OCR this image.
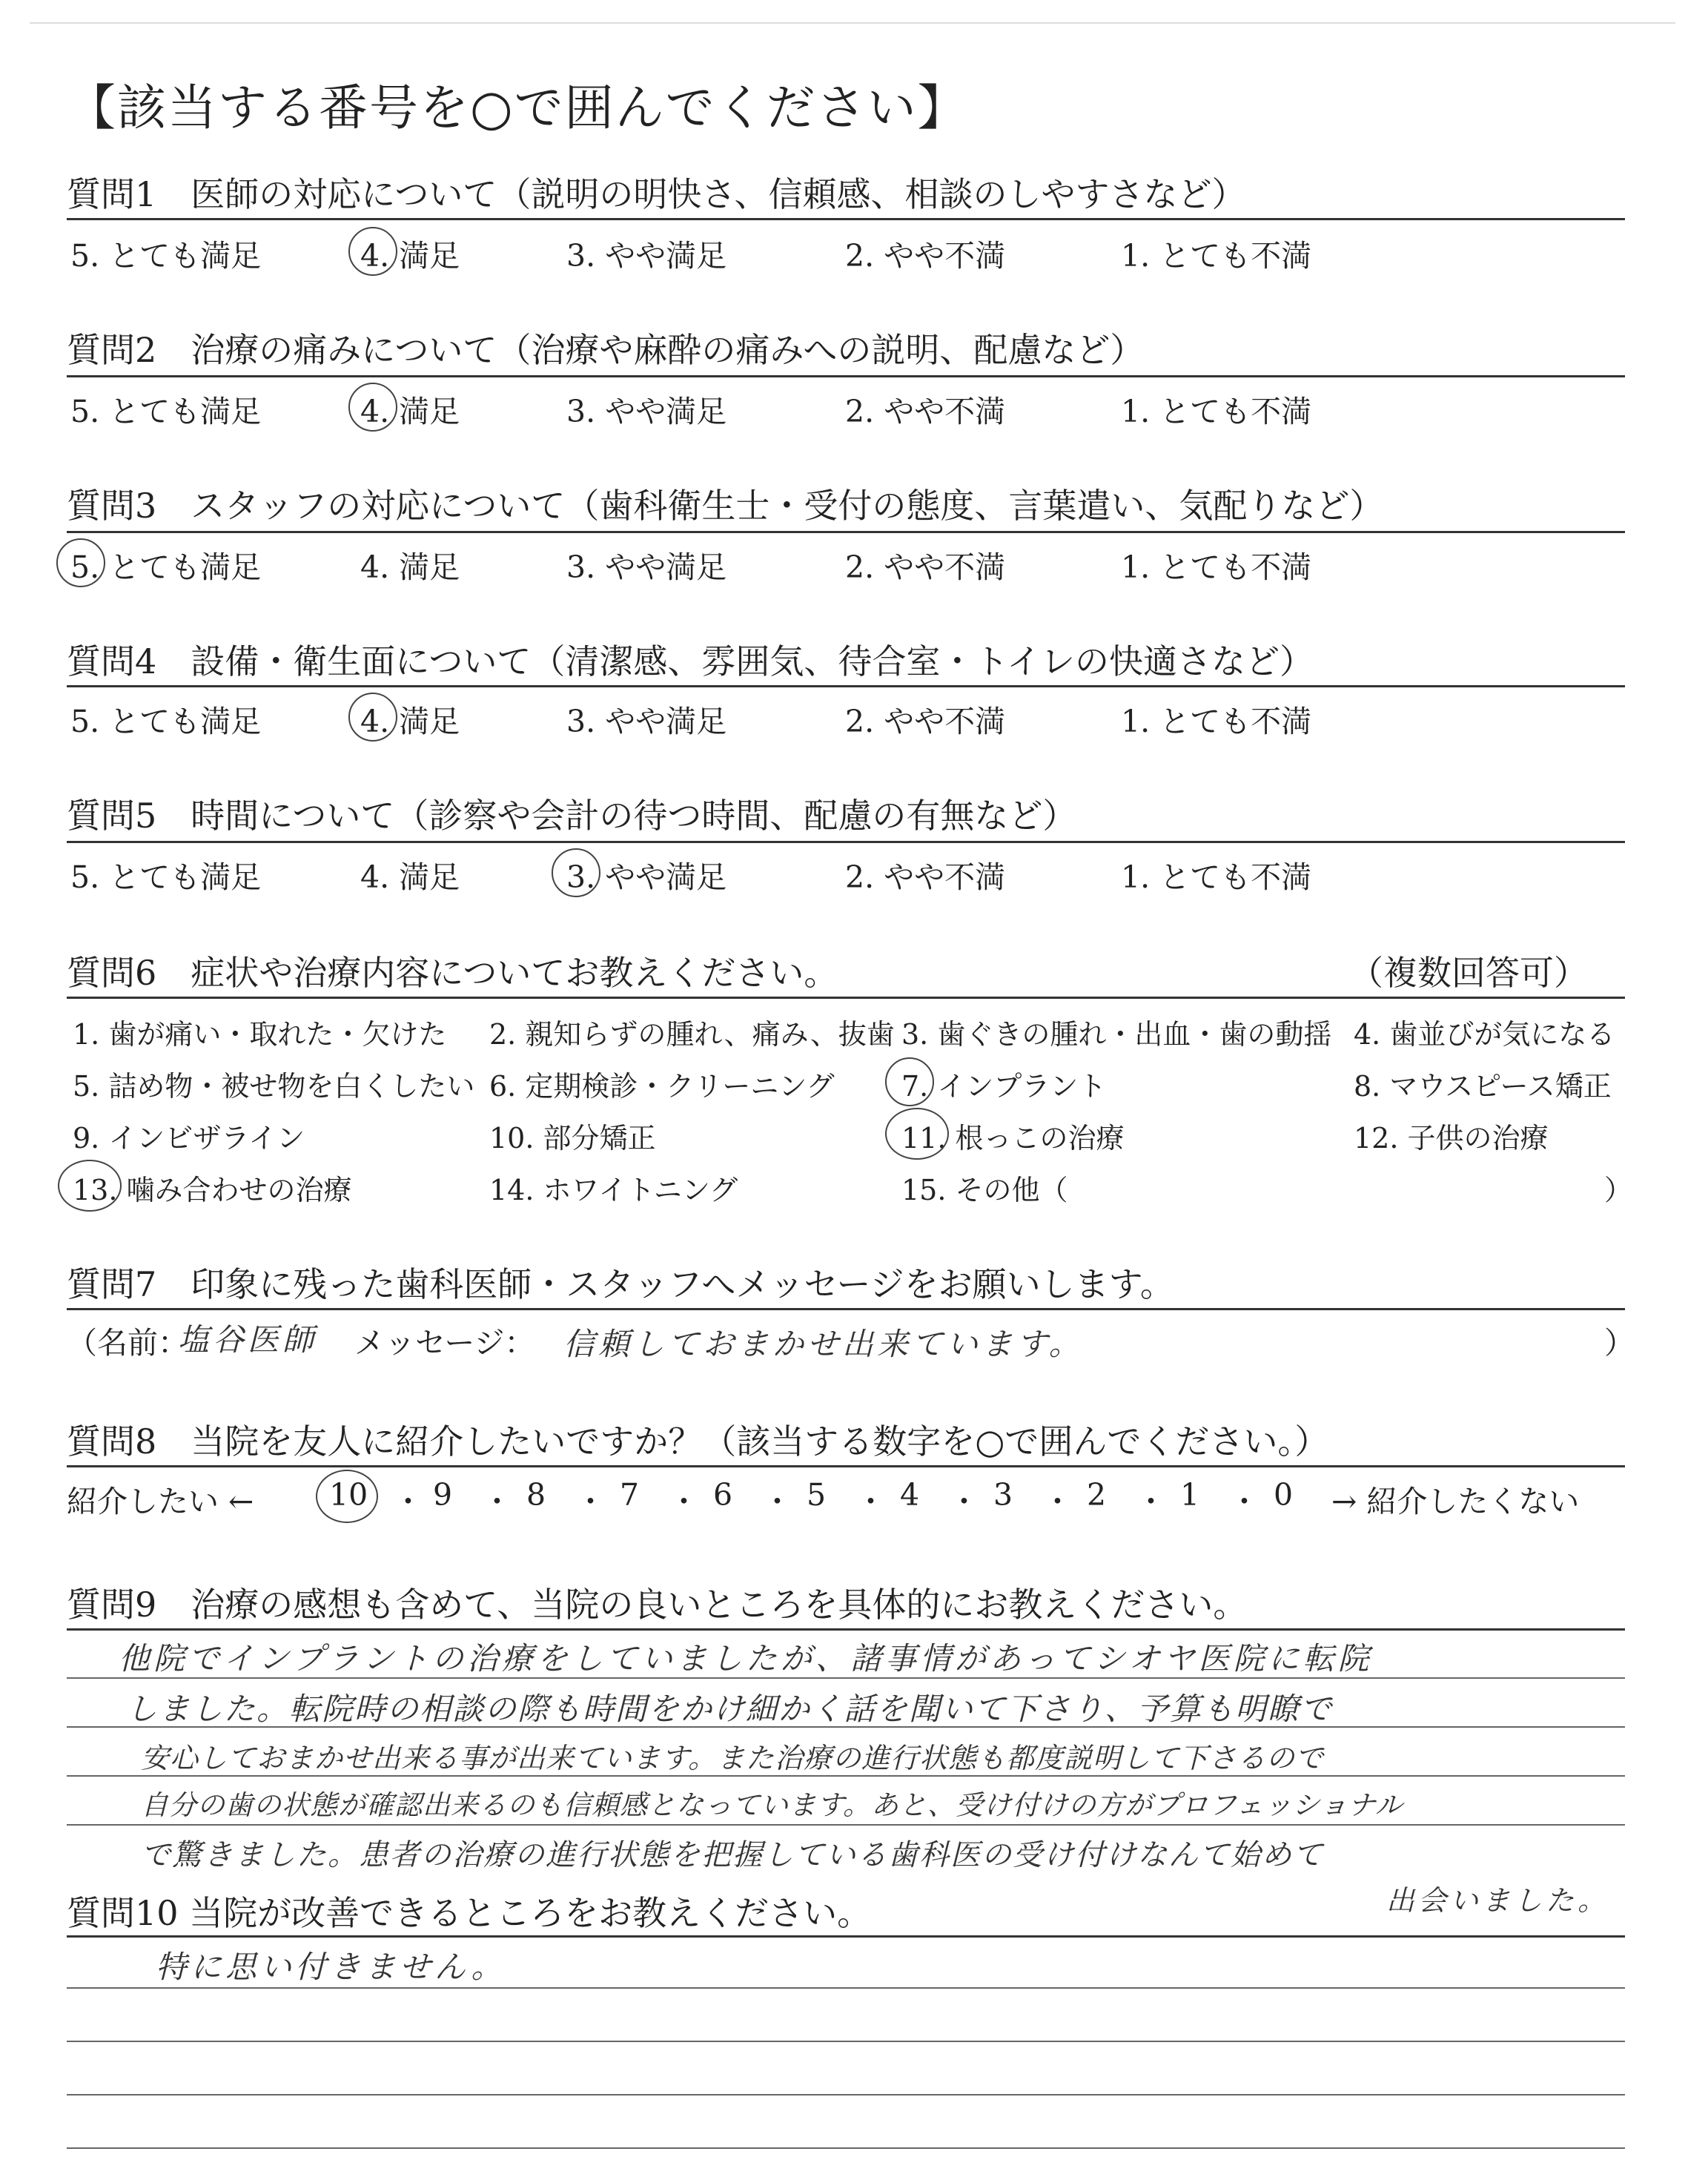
【該当する番号を○で囲んでください】
質問1　医師の対応について（説明の明快さ、信頼感、相談のしやすさなど）
5. とても満足	4. 満足	3. やや満足	2. やや不満	1. とても不満
質問2　治療の痛みについて（治療や麻酔の痛みへの説明、配慮など）
5. とても満足	4. 満足	3. やや満足	2. やや不満	1. とても不満
質問3　スタッフの対応について（歯科衛生士・受付の態度、言葉遣い、気配りなど）
5. とても満足	4. 満足	3. やや満足	2. やや不満	1. とても不満
質問4　設備・衛生面について（清潔感、雰囲気、待合室・トイレの快適さなど）
5. とても満足	4. 満足	3. やや満足	2. やや不満	1. とても不満
質問5　時間について（診察や会計の待つ時間、配慮の有無など）
5. とても満足	4. 満足	3. やや満足	2. やや不満	1. とても不満
質問6　症状や治療内容についてお教えください。	（複数回答可）
1. 歯が痛い・取れた・欠けた 2. 親知らずの腫れ、痛み、抜歯 3. 歯ぐきの腫れ・出血・歯の動揺 4. 歯並びが気になる
5. 詰め物・被せ物を白くしたい 6. 定期検診・クリーニング 7. インプラント	8. マウスピース矯正
9. インビザライン	10. 部分矯正	11. 根っこの治療	12. 子供の治療
13. 噛み合わせの治療	14. ホワイトニング	15. その他（	）
質問7　印象に残った歯科医師・スタッフへメッセージをお願いします。
（名前：
塩谷医師 メッセージ： 信頼しておまかせ出来ています。	）
質問8　当院を友人に紹介したいですか？（該当する数字を○で囲んでください。）
紹介したい ← 10 ・ 9 ・ 8 ・ 7 ・ 6 ・ 5 ・ 4 ・ 3 ・ 2 ・ 1 ・ 0 → 紹介したくない
質問9　治療の感想も含めて、当院の良いところを具体的にお教えください。
他院でインプラントの治療をしていましたが、諸事情があってシオヤ医院に転院
しました。転院時の相談の際も時間をかけ細かく話を聞いて下さり、予算も明瞭で
安心しておまかせ出来る事が出来ています。また治療の進行状態も都度説明して下さるので
自分の歯の状態が確認出来るのも信頼感となっています。あと、受け付けの方がプロフェッショナル
で驚きました。患者の治療の進行状態を把握している歯科医の受け付けなんて始めて
出会いました。
質問10 当院が改善できるところをお教えください。
特に思い付きません。
